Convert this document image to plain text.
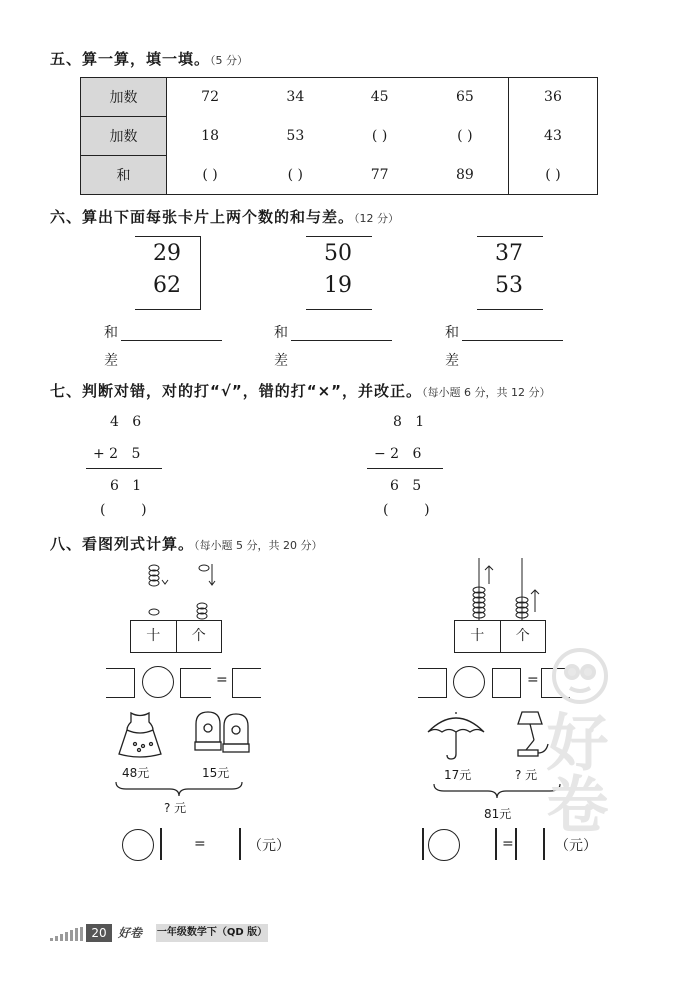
五、算一算，填一填。（5 分）
加数	72	34	45	65	36
加数	18	53	( )	( )	43
和	( )	( )	77	89	( )
六、算出下面每张卡片上两个数的和与差。（12 分）
29
62
50
19
37
53
和
差
和
差
和
差
七、判断对错，对的打“√”，错的打“×”，并改正。（每小题 6 分，共 12 分）
4   6
+ 2   5
6   1
(        )
8   1
− 2   6
6   5
(        )
八、看图列式计算。（每小题 5 分，共 20 分）
十	个
=
十	个
=
48元	15元
? 元
17元	? 元
81元
=	（元）	=	（元）
好卷
20 好卷 一年级数学下（QD 版）
